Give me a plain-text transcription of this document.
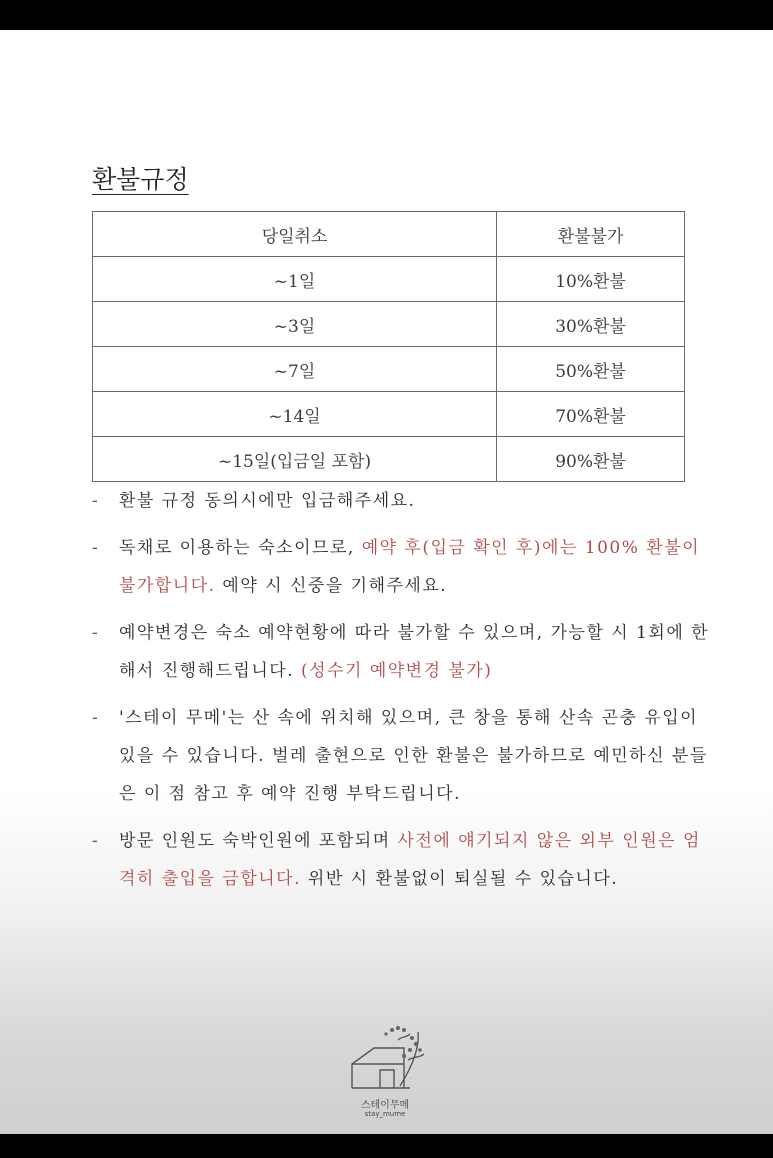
환불규정
당일취소	환불불가
~1일	10%환불
~3일	30%환불
~7일	50%환불
~14일	70%환불
~15일(입금일 포함)	90%환불
- 환불 규정 동의시에만 입금해주세요.
- 독채로 이용하는 숙소이므로, 예약 후(입금 확인 후)에는 100% 환불이 불가합니다. 예약 시 신중을 기해주세요.
- 예약변경은 숙소 예약현황에 따라 불가할 수 있으며, 가능할 시 1회에 한해서 진행해드립니다. (성수기 예약변경 불가)
- '스테이 무메'는 산 속에 위치해 있으며, 큰 창을 통해 산속 곤충 유입이 있을 수 있습니다. 벌레 출현으로 인한 환불은 불가하므로 예민하신 분들은 이 점 참고 후 예약 진행 부탁드립니다.
- 방문 인원도 숙박인원에 포함되며 사전에 얘기되지 않은 외부 인원은 엄격히 출입을 금합니다. 위반 시 환불없이 퇴실될 수 있습니다.
스테이무메
stay_mume
